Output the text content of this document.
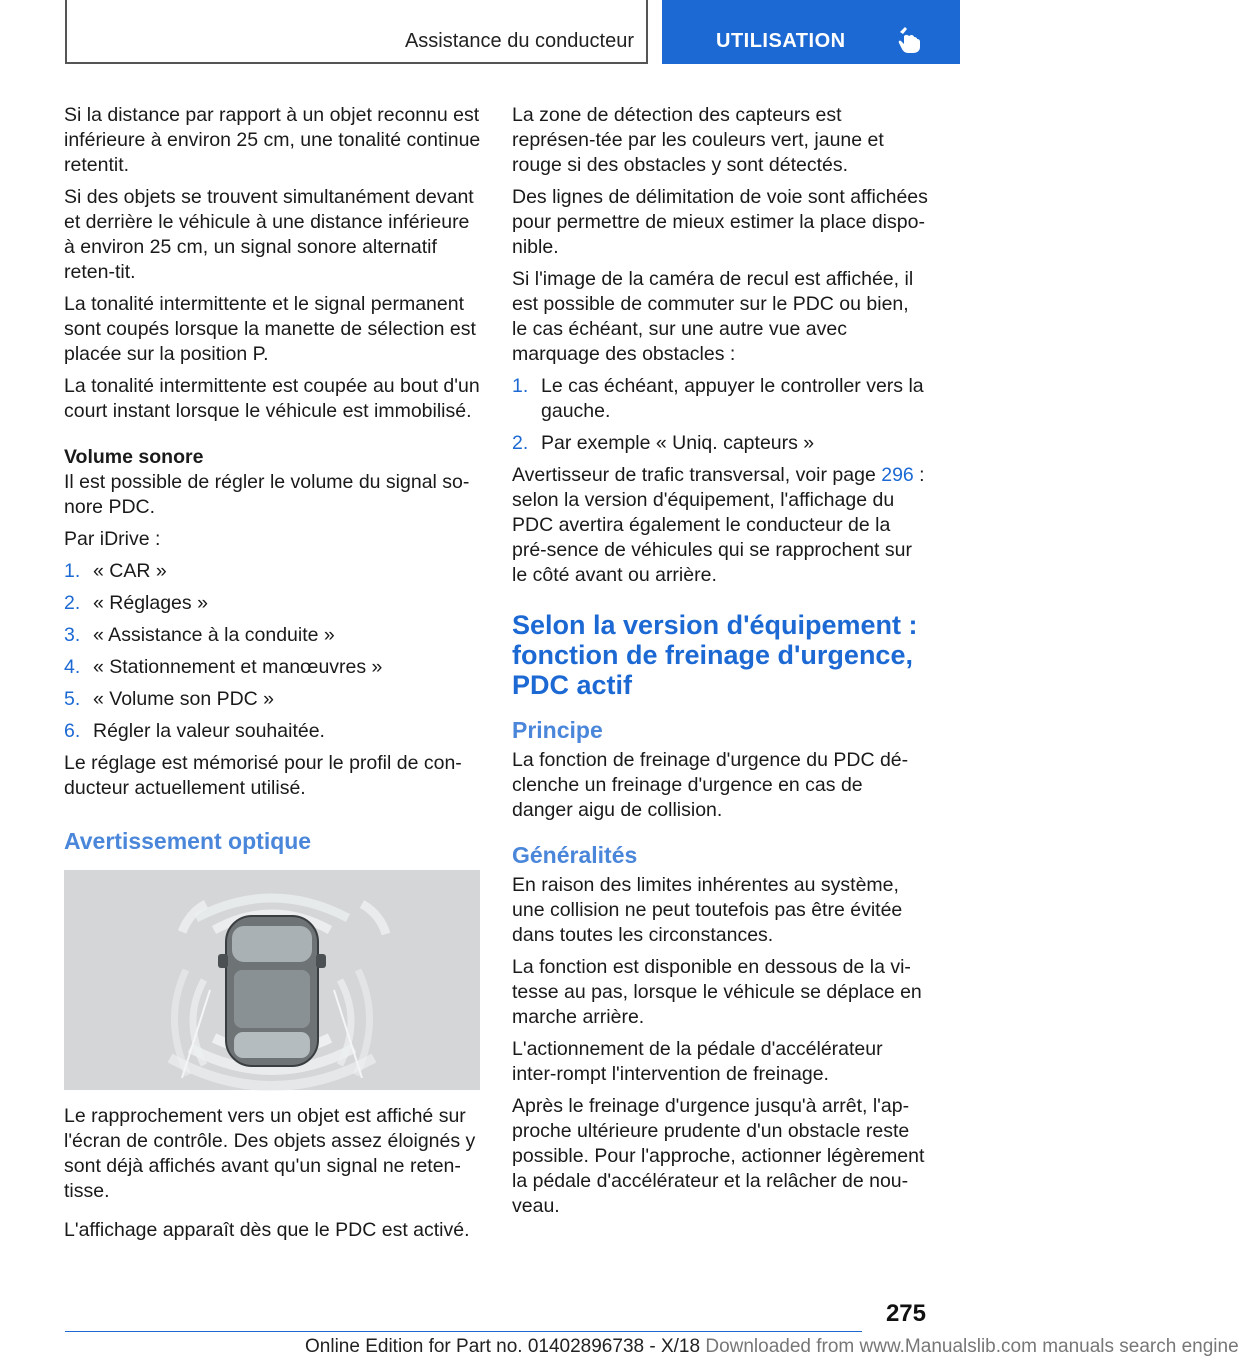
Assistance du conducteur	UTILISATION

Si la distance par rapport à un objet reconnu est inférieure à environ 25 cm, une tonalité continue retentit.

Si des objets se trouvent simultanément devant et derrière le véhicule à une distance inférieure à environ 25 cm, un signal sonore alternatif reten‐tit.

La tonalité intermittente et le signal permanent sont coupés lorsque la manette de sélection est placée sur la position P.

La tonalité intermittente est coupée au bout d'un court instant lorsque le véhicule est immobilisé.

Volume sonore

Il est possible de régler le volume du signal so‐nore PDC.

Par iDrive :

1. « CAR »
2. « Réglages »
3. « Assistance à la conduite »
4. « Stationnement et manœuvres »
5. « Volume son PDC »
6. Régler la valeur souhaitée.

Le réglage est mémorisé pour le profil de con‐ducteur actuellement utilisé.

Avertissement optique

Le rapprochement vers un objet est affiché sur l'écran de contrôle. Des objets assez éloignés y sont déjà affichés avant qu'un signal ne reten‐tisse.

L'affichage apparaît dès que le PDC est activé.

La zone de détection des capteurs est représen‐tée par les couleurs vert, jaune et rouge si des obstacles y sont détectés.

Des lignes de délimitation de voie sont affichées pour permettre de mieux estimer la place dispo‐nible.

Si l'image de la caméra de recul est affichée, il est possible de commuter sur le PDC ou bien, le cas échéant, sur une autre vue avec marquage des obstacles :

1. Le cas échéant, appuyer le controller vers la gauche.
2. Par exemple « Uniq. capteurs »

Avertisseur de trafic transversal, voir page 296 : selon la version d'équipement, l'affichage du PDC avertira également le conducteur de la pré‐sence de véhicules qui se rapprochent sur le côté avant ou arrière.

Selon la version d'équipement : fonction de freinage d'urgence, PDC actif
Principe

La fonction de freinage d'urgence du PDC dé‐clenche un freinage d'urgence en cas de danger aigu de collision.

Généralités

En raison des limites inhérentes au système, une collision ne peut toutefois pas être évitée dans toutes les circonstances.

La fonction est disponible en dessous de la vi‐tesse au pas, lorsque le véhicule se déplace en marche arrière.

L'actionnement de la pédale d'accélérateur inter‐rompt l'intervention de freinage.

Après le freinage d'urgence jusqu'à arrêt, l'ap‐proche ultérieure prudente d'un obstacle reste possible. Pour l'approche, actionner légèrement la pédale d'accélérateur et la relâcher de nou‐veau.

275
Online Edition for Part no. 01402896738 - X/18 Downloaded from www.Manualslib.com manuals search engine
